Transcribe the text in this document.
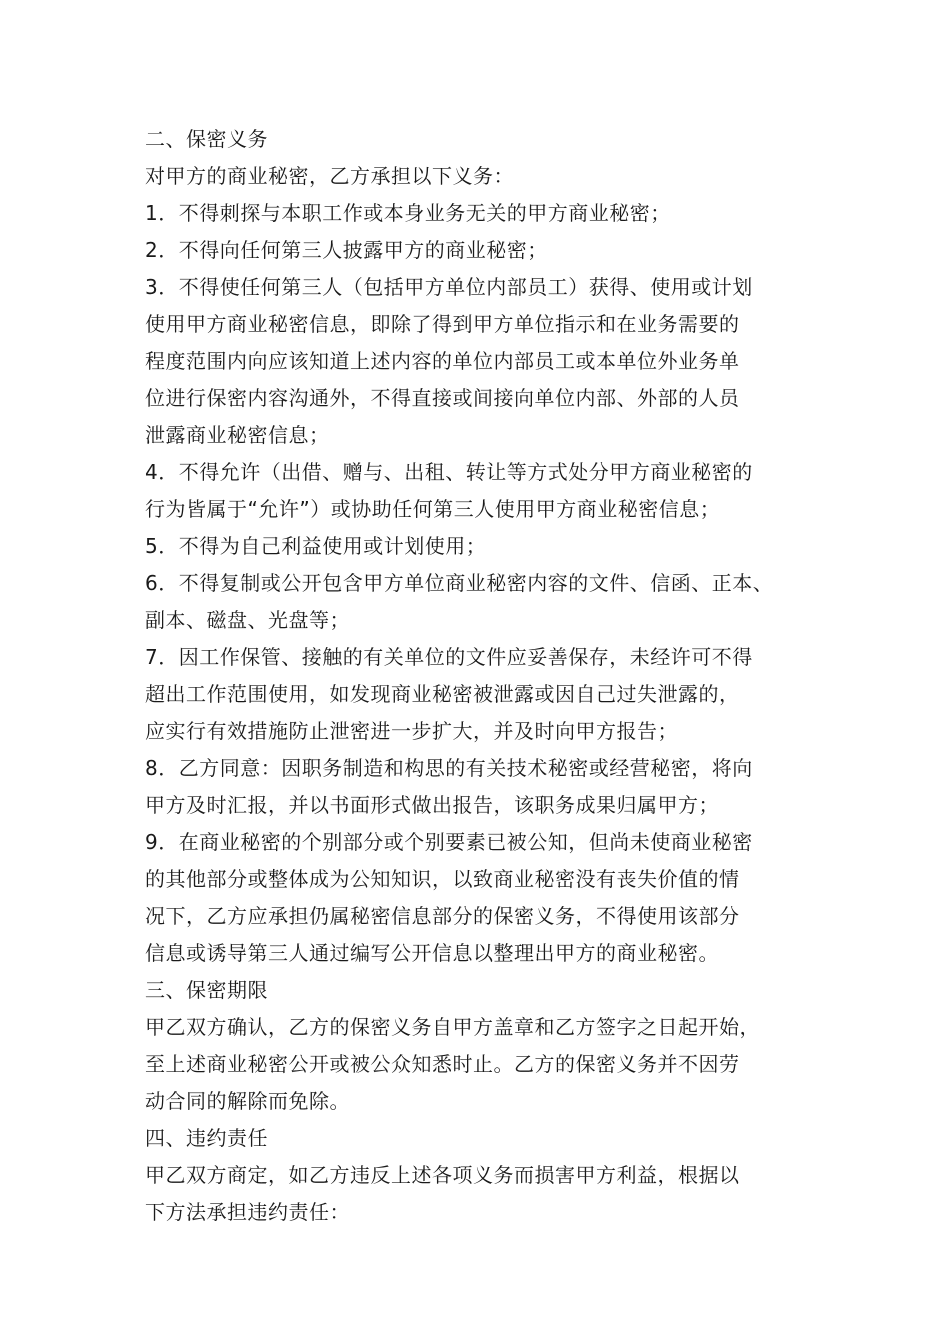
二、保密义务
对甲方的商业秘密，乙方承担以下义务：
1．不得刺探与本职工作或本身业务无关的甲方商业秘密；
2．不得向任何第三人披露甲方的商业秘密；
3．不得使任何第三人（包括甲方单位内部员工）获得、使用或计划
使用甲方商业秘密信息，即除了得到甲方单位指示和在业务需要的
程度范围内向应该知道上述内容的单位内部员工或本单位外业务单
位进行保密内容沟通外，不得直接或间接向单位内部、外部的人员
泄露商业秘密信息；
4．不得允许（出借、赠与、出租、转让等方式处分甲方商业秘密的
行为皆属于“允许”）或协助任何第三人使用甲方商业秘密信息；
5．不得为自己利益使用或计划使用；
6．不得复制或公开包含甲方单位商业秘密内容的文件、信函、正本、
副本、磁盘、光盘等；
7．因工作保管、接触的有关单位的文件应妥善保存，未经许可不得
超出工作范围使用，如发现商业秘密被泄露或因自己过失泄露的，
应实行有效措施防止泄密进一步扩大，并及时向甲方报告；
8．乙方同意：因职务制造和构思的有关技术秘密或经营秘密，将向
甲方及时汇报，并以书面形式做出报告，该职务成果归属甲方；
9．在商业秘密的个别部分或个别要素已被公知，但尚未使商业秘密
的其他部分或整体成为公知知识，以致商业秘密没有丧失价值的情
况下，乙方应承担仍属秘密信息部分的保密义务，不得使用该部分
信息或诱导第三人通过编写公开信息以整理出甲方的商业秘密。
三、保密期限
甲乙双方确认，乙方的保密义务自甲方盖章和乙方签字之日起开始，
至上述商业秘密公开或被公众知悉时止。乙方的保密义务并不因劳
动合同的解除而免除。
四、违约责任
甲乙双方商定，如乙方违反上述各项义务而损害甲方利益，根据以
下方法承担违约责任：
